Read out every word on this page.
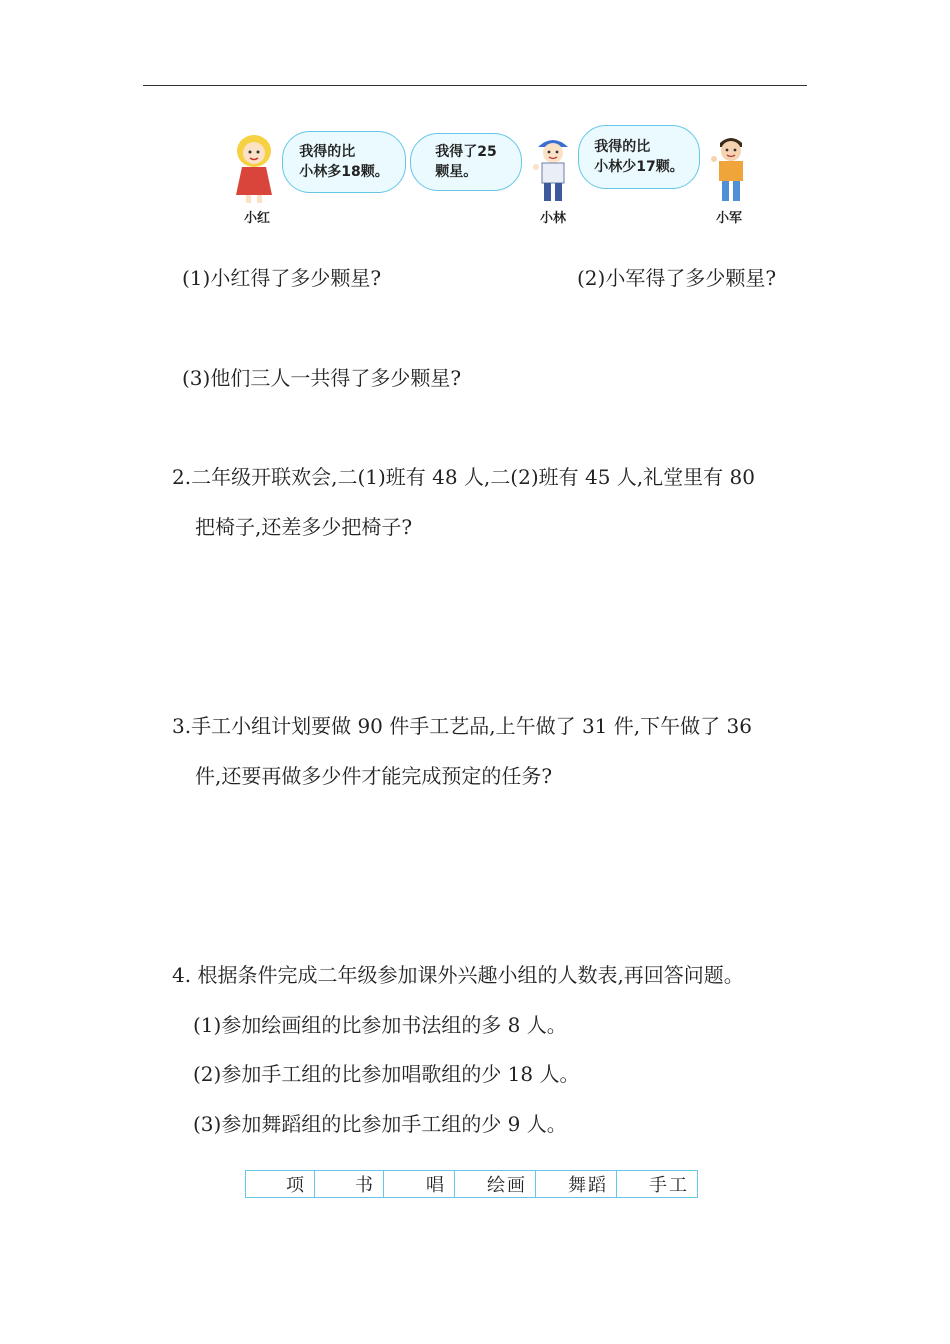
我得的比
小林多18颗。
我得了25
颗星。
我得的比
小林少17颗。
小红	小林	小军
(1)小红得了多少颗星?	(2)小军得了多少颗星?
(3)他们三人一共得了多少颗星?
2.二年级开联欢会,二(1)班有 48 人,二(2)班有 45 人,礼堂里有 80
把椅子,还差多少把椅子?
3.手工小组计划要做 90 件手工艺品,上午做了 31 件,下午做了 36
件,还要再做多少件才能完成预定的任务?
4. 根据条件完成二年级参加课外兴趣小组的人数表,再回答问题。
(1)参加绘画组的比参加书法组的多 8 人。
(2)参加手工组的比参加唱歌组的少 18 人。
(3)参加舞蹈组的比参加手工组的少 9 人。
项	书	唱	绘画	舞蹈	手工
